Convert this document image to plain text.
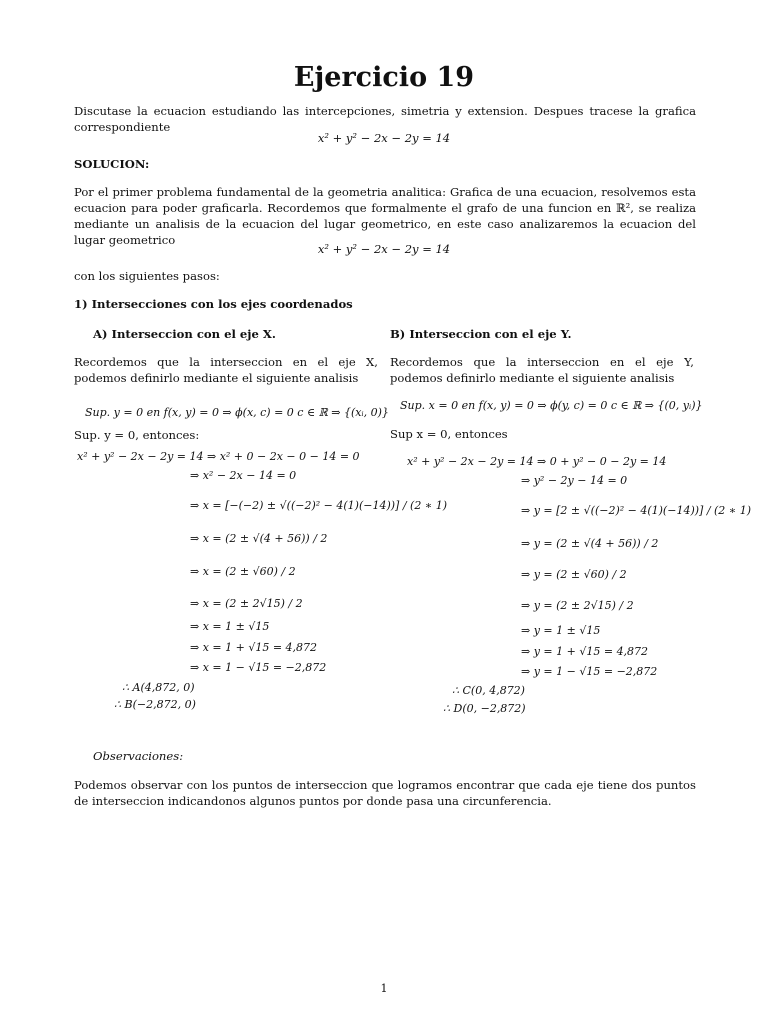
Ejercicio 19
Discutase la ecuacion estudiando las intercepciones, simetria y extension. Despues tracese la grafica correspondiente
x² + y² − 2x − 2y = 14
SOLUCION:
Por el primer problema fundamental de la geometria analitica: Grafica de una ecuacion, resolvemos esta ecuacion para poder graficarla. Recordemos que formalmente el grafo de una funcion en ℝ², se realiza mediante un analisis de la ecuacion del lugar geometrico, en este caso analizaremos la ecuacion del lugar geometrico
x² + y² − 2x − 2y = 14
con los siguientes pasos:
1) Intersecciones con los ejes coordenados
A) Interseccion con el eje X.
Recordemos que la interseccion en el eje X, podemos definirlo mediante el siguiente analisis
Sup. y = 0 en f(x, y) = 0 ⇒ ϕ(x, c) = 0 c ∈ ℝ ⇒ {(xᵢ, 0)}
Sup. y = 0, entonces:
x² + y² − 2x − 2y = 14 ⇒ x² + 0 − 2x − 0 − 14 = 0
⇒ x² − 2x − 14 = 0
⇒ x = [−(−2) ± √((−2)² − 4(1)(−14))] / (2 ∗ 1)
⇒ x = (2 ± √(4 + 56)) / 2
⇒ x = (2 ± √60) / 2
⇒ x = (2 ± 2√15) / 2
⇒ x = 1 ± √15
⇒ x = 1 + √15 = 4,872
⇒ x = 1 − √15 = −2,872
∴ A(4,872, 0)
∴ B(−2,872, 0)
B) Interseccion con el eje Y.
Recordemos que la interseccion en el eje Y, podemos definirlo mediante el siguiente analisis
Sup. x = 0 en f(x, y) = 0 ⇒ ϕ(y, c) = 0 c ∈ ℝ ⇒ {(0, yᵢ)}
Sup x = 0, entonces
x² + y² − 2x − 2y = 14 ⇒ 0 + y² − 0 − 2y = 14
⇒ y² − 2y − 14 = 0
⇒ y = [2 ± √((−2)² − 4(1)(−14))] / (2 ∗ 1)
⇒ y = (2 ± √(4 + 56)) / 2
⇒ y = (2 ± √60) / 2
⇒ y = (2 ± 2√15) / 2
⇒ y = 1 ± √15
⇒ y = 1 + √15 = 4,872
⇒ y = 1 − √15 = −2,872
∴ C(0, 4,872)
∴ D(0, −2,872)
Observaciones:
Podemos observar con los puntos de interseccion que logramos encontrar que cada eje tiene dos puntos de interseccion indicandonos algunos puntos por donde pasa una circunferencia.
1
